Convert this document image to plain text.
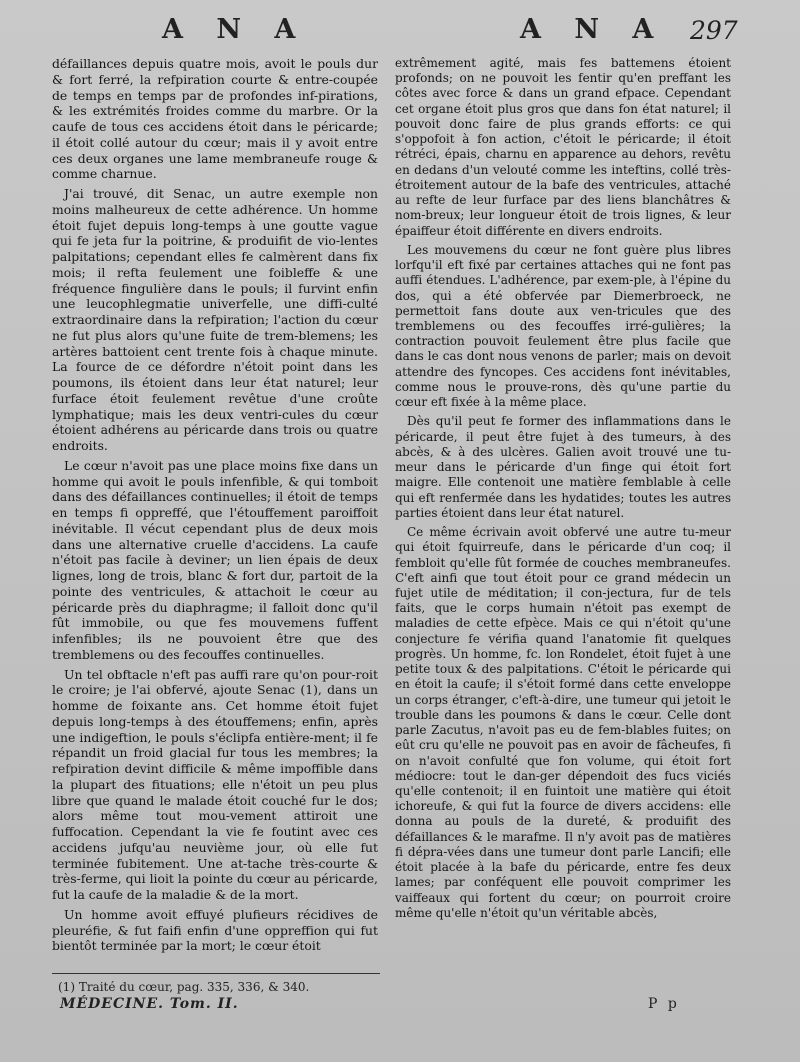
A N A	A N A 297

défaillances depuis quatre mois, avoit le pouls dur & fort ferré, la refpiration courte & entre-coupée de temps en temps par de profondes inf-pirations, & les extrémités froides comme du marbre. Or la caufe de tous ces accidens étoit dans le péricarde; il étoit collé autour du cœur; mais il y avoit entre ces deux organes une lame membraneufe rouge & comme charnue.

J'ai trouvé, dit Senac, un autre exemple non moins malheureux de cette adhérence. Un homme étoit fujet depuis long-temps à une goutte vague qui fe jeta fur la poitrine, & produifit de vio-lentes palpitations; cependant elles fe calmèrent dans fix mois; il refta feulement une foibleffe & une fréquence fingulière dans le pouls; il furvint enfin une leucophlegmatie univerfelle, une diffi-culté extraordinaire dans la refpiration; l'action du cœur ne fut plus alors qu'une fuite de trem-blemens; les artères battoient cent trente fois à chaque minute. La fource de ce défordre n'étoit point dans les poumons, ils étoient dans leur état naturel; leur furface étoit feulement revêtue d'une croûte lymphatique; mais les deux ventri-cules du cœur étoient adhérens au péricarde dans trois ou quatre endroits.

Le cœur n'avoit pas une place moins fixe dans un homme qui avoit le pouls infenfible, & qui tomboit dans des défaillances continuelles; il étoit de temps en temps fi oppreffé, que l'étouffement paroiffoit inévitable. Il vécut cependant plus de deux mois dans une alternative cruelle d'accidens. La caufe n'étoit pas facile à deviner; un lien épais de deux lignes, long de trois, blanc & fort dur, partoit de la pointe des ventricules, & attachoit le cœur au péricarde près du diaphragme; il falloit donc qu'il fût immobile, ou que fes mouvemens fuffent infenfibles; ils ne pouvoient être que des tremblemens ou des fecouffes continuelles.

Un tel obftacle n'eft pas auffi rare qu'on pour-roit le croire; je l'ai obfervé, ajoute Senac (1), dans un homme de foixante ans. Cet homme étoit fujet depuis long-temps à des étouffemens; enfin, après une indigeftion, le pouls s'éclipfa entière-ment; il fe répandit un froid glacial fur tous les membres; la refpiration devint difficile & même impoffible dans la plupart des fituations; elle n'étoit un peu plus libre que quand le malade étoit couché fur le dos; alors même tout mou-vement attiroit une fuffocation. Cependant la vie fe foutint avec ces accidens jufqu'au neuvième jour, où elle fut terminée fubitement. Une at-tache très-courte & très-ferme, qui lioit la pointe du cœur au péricarde, fut la caufe de la maladie & de la mort.

Un homme avoit effuyé plufieurs récidives de pleuréfie, & fut faifi enfin d'une oppreffion qui fut bientôt terminée par la mort; le cœur étoit

extrêmement agité, mais fes battemens étoient profonds; on ne pouvoit les fentir qu'en preffant les côtes avec force & dans un grand efpace. Cependant cet organe étoit plus gros que dans fon état naturel; il pouvoit donc faire de plus grands efforts: ce qui s'oppofoit à fon action, c'étoit le péricarde; il étoit rétréci, épais, charnu en apparence au dehors, revêtu en dedans d'un velouté comme les inteftins, collé très-étroitement autour de la bafe des ventricules, attaché au refte de leur furface par des liens blanchâtres & nom-breux; leur longueur étoit de trois lignes, & leur épaiffeur étoit différente en divers endroits.

Les mouvemens du cœur ne font guère plus libres lorfqu'il eft fixé par certaines attaches qui ne font pas auffi étendues. L'adhérence, par exem-ple, à l'épine du dos, qui a été obfervée par Diemerbroeck, ne permettoit fans doute aux ven-tricules que des tremblemens ou des fecouffes irré-gulières; la contraction pouvoit feulement être plus facile que dans le cas dont nous venons de parler; mais on devoit attendre des fyncopes. Ces accidens font inévitables, comme nous le prouve-rons, dès qu'une partie du cœur eft fixée à la même place.

Dès qu'il peut fe former des inflammations dans le péricarde, il peut être fujet à des tumeurs, à des abcès, & à des ulcères. Galien avoit trouvé une tu-meur dans le péricarde d'un finge qui étoit fort maigre. Elle contenoit une matière femblable à celle qui eft renfermée dans les hydatides; toutes les autres parties étoient dans leur état naturel.

Ce même écrivain avoit obfervé une autre tu-meur qui étoit fquirreufe, dans le péricarde d'un coq; il fembloit qu'elle fût formée de couches membraneufes. C'eft ainfi que tout étoit pour ce grand médecin un fujet utile de méditation; il con-jectura, fur de tels faits, que le corps humain n'étoit pas exempt de maladies de cette efpèce. Mais ce qui n'étoit qu'une conjecture fe vérifia quand l'anatomie fit quelques progrès. Un homme, fc. lon Rondelet, étoit fujet à une petite toux & des palpitations. C'étoit le péricarde qui en étoit la caufe; il s'étoit formé dans cette enveloppe un corps étranger, c'eft-à-dire, une tumeur qui jetoit le trouble dans les poumons & dans le cœur. Celle dont parle Zacutus, n'avoit pas eu de fem-blables fuites; on eût cru qu'elle ne pouvoit pas en avoir de fâcheufes, fi on n'avoit confulté que fon volume, qui étoit fort médiocre: tout le dan-ger dépendoit des fucs viciés qu'elle contenoit; il en fuintoit une matière qui étoit ichoreufe, & qui fut la fource de divers accidens: elle donna au pouls de la dureté, & produifit des défaillances & le marafme. Il n'y avoit pas de matières fi dépra-vées dans une tumeur dont parle Lancifi; elle étoit placée à la bafe du péricarde, entre fes deux lames; par conféquent elle pouvoit comprimer les vaiffeaux qui fortent du cœur; on pourroit croire même qu'elle n'étoit qu'un véritable abcès,

(1) Traité du cœur, pag. 335, 336, & 340.
MÉDECINE. Tom. II.	P p
